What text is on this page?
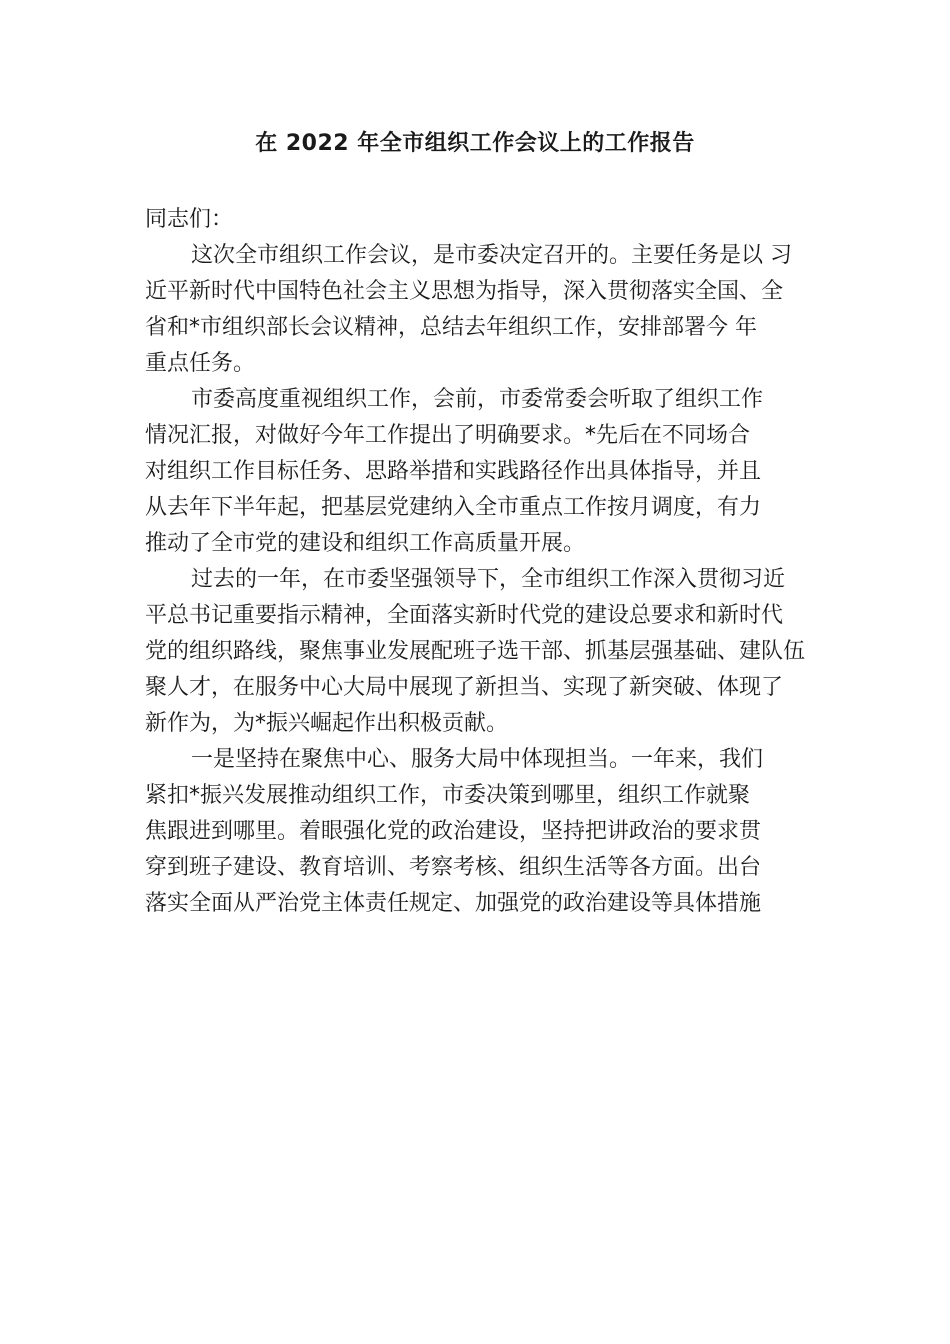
在 2022 年全市组织工作会议上的工作报告
同志们：
这次全市组织工作会议，是市委决定召开的。主要任务是以 习
近平新时代中国特色社会主义思想为指导，深入贯彻落实全国、全
省和*市组织部长会议精神，总结去年组织工作，安排部署今 年
重点任务。
市委高度重视组织工作，会前，市委常委会听取了组织工作
情况汇报，对做好今年工作提出了明确要求。*先后在不同场合
对组织工作目标任务、思路举措和实践路径作出具体指导，并且
从去年下半年起，把基层党建纳入全市重点工作按月调度，有力
推动了全市党的建设和组织工作高质量开展。
过去的一年，在市委坚强领导下，全市组织工作深入贯彻习近
平总书记重要指示精神，全面落实新时代党的建设总要求和新时代
党的组织路线，聚焦事业发展配班子选干部、抓基层强基础、建队伍
聚人才，在服务中心大局中展现了新担当、实现了新突破、体现了
新作为，为*振兴崛起作出积极贡献。
一是坚持在聚焦中心、服务大局中体现担当。一年来，我们
紧扣*振兴发展推动组织工作，市委决策到哪里，组织工作就聚
焦跟进到哪里。着眼强化党的政治建设，坚持把讲政治的要求贯
穿到班子建设、教育培训、考察考核、组织生活等各方面。出台
落实全面从严治党主体责任规定、加强党的政治建设等具体措施
